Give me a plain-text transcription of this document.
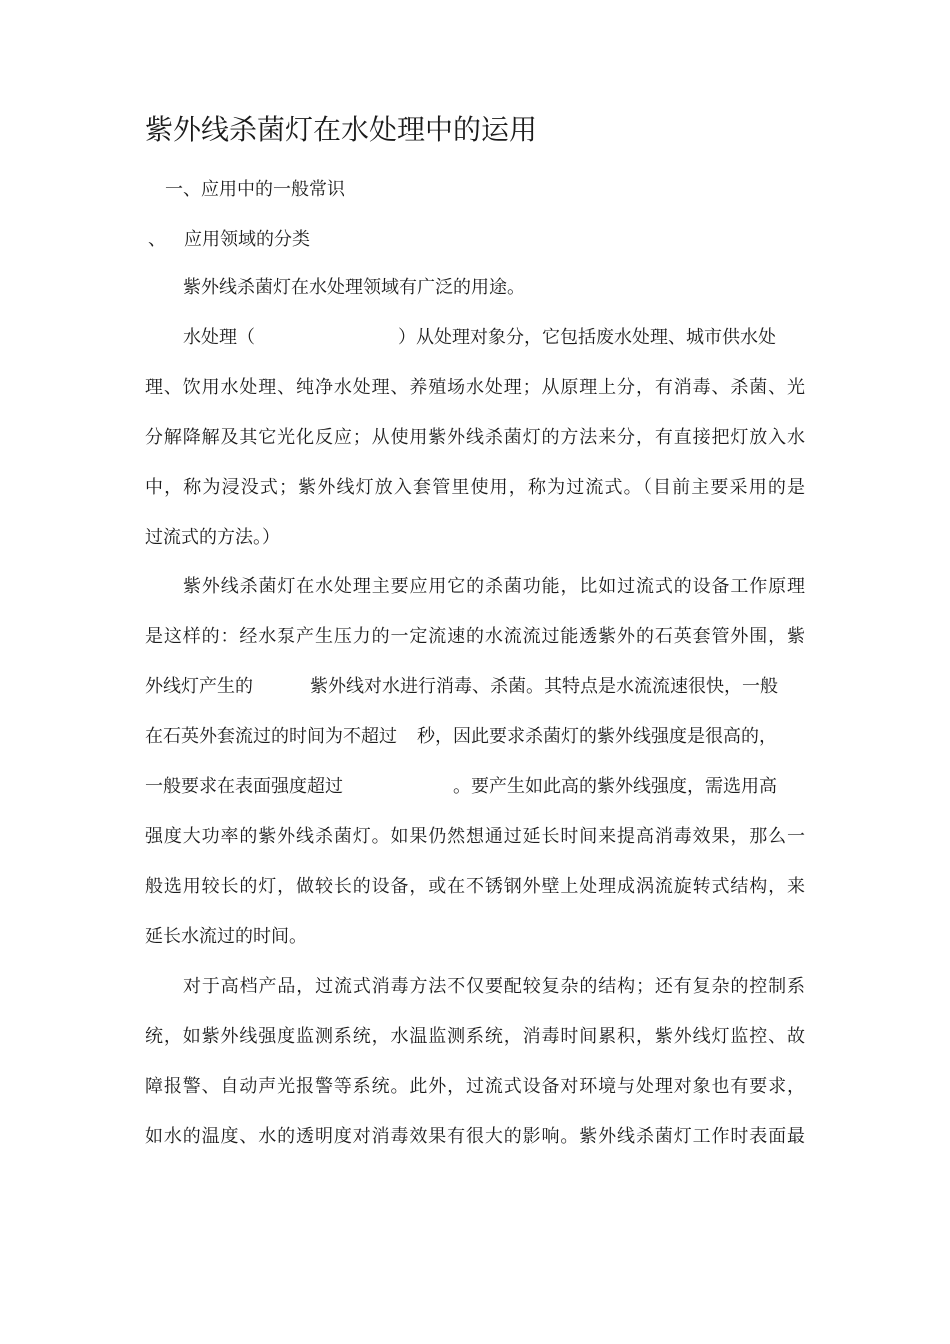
紫外线杀菌灯在水处理中的运用
一、应用中的一般常识
、 应用领域的分类
紫外线杀菌灯在水处理领域有广泛的用途。
水处理（	）从处理对象分，它包括废水处理、城市供水处
理、饮用水处理、纯净水处理、养殖场水处理；从原理上分，有消毒、杀菌、光
分解降解及其它光化反应；从使用紫外线杀菌灯的方法来分，有直接把灯放入水
中，称为浸没式；紫外线灯放入套管里使用，称为过流式。（目前主要采用的是
过流式的方法。）
紫外线杀菌灯在水处理主要应用它的杀菌功能，比如过流式的设备工作原理
是这样的：经水泵产生压力的一定流速的水流流过能透紫外的石英套管外围，紫
外线灯产生的	紫外线对水进行消毒、杀菌。其特点是水流流速很快，一般
在石英外套流过的时间为不超过 秒，因此要求杀菌灯的紫外线强度是很高的，
一般要求在表面强度超过	。要产生如此高的紫外线强度，需选用高
强度大功率的紫外线杀菌灯。如果仍然想通过延长时间来提高消毒效果，那么一
般选用较长的灯，做较长的设备，或在不锈钢外壁上处理成涡流旋转式结构，来
延长水流过的时间。
对于高档产品，过流式消毒方法不仅要配较复杂的结构；还有复杂的控制系
统，如紫外线强度监测系统，水温监测系统，消毒时间累积，紫外线灯监控、故
障报警、自动声光报警等系统。此外，过流式设备对环境与处理对象也有要求，
如水的温度、水的透明度对消毒效果有很大的影响。紫外线杀菌灯工作时表面最
